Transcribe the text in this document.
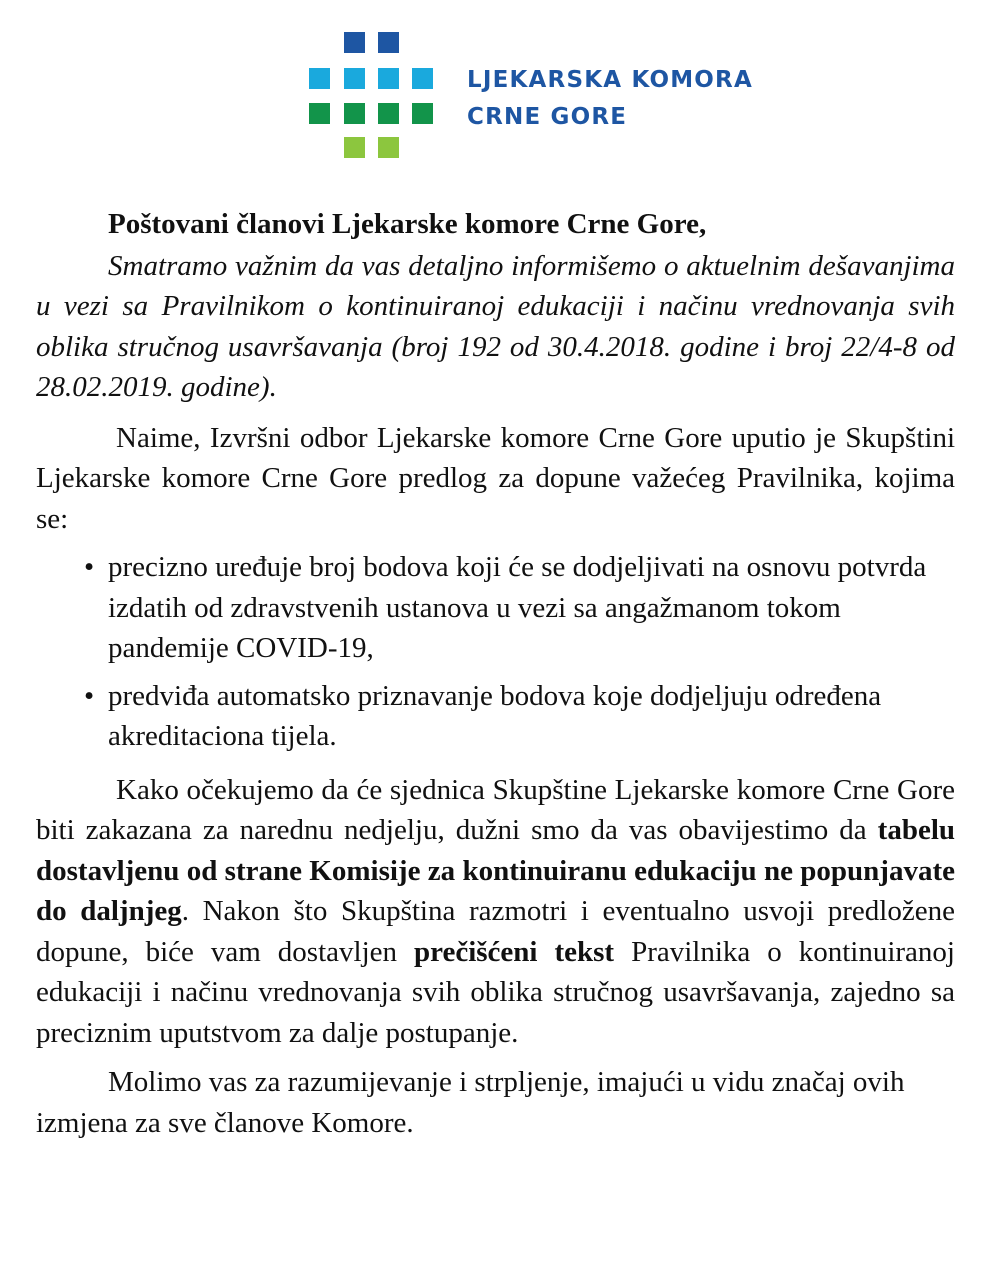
LJEKARSKA KOMORA
CRNE GORE

Poštovani članovi Ljekarske komore Crne Gore,

Smatramo važnim da vas detaljno informišemo o aktuelnim dešavanjima u vezi sa Pravilnikom o kontinuiranoj edukaciji i načinu vrednovanja svih oblika stručnog usavršavanja (broj 192 od 30.4.2018. godine i broj 22/4-8 od 28.02.2019. godine).

Naime, Izvršni odbor Ljekarske komore Crne Gore uputio je Skupštini Ljekarske komore Crne Gore predlog za dopune važećeg Pravilnika, kojima se:

• precizno uređuje broj bodova koji će se dodjeljivati na osnovu potvrda izdatih od zdravstvenih ustanova u vezi sa angažmanom tokom pandemije COVID-19,
• predviđa automatsko priznavanje bodova koje dodjeljuju određena akreditaciona tijela.

Kako očekujemo da će sjednica Skupštine Ljekarske komore Crne Gore biti zakazana za narednu nedjelju, dužni smo da vas obavijestimo da tabelu dostavljenu od strane Komisije za kontinuiranu edukaciju ne popunjavate do daljnjeg. Nakon što Skupština razmotri i eventualno usvoji predložene dopune, biće vam dostavljen prečišćeni tekst Pravilnika o kontinuiranoj edukaciji i načinu vrednovanja svih oblika stručnog usavršavanja, zajedno sa preciznim uputstvom za dalje postupanje.

Molimo vas za razumijevanje i strpljenje, imajući u vidu značaj ovih izmjena za sve članove Komore.
